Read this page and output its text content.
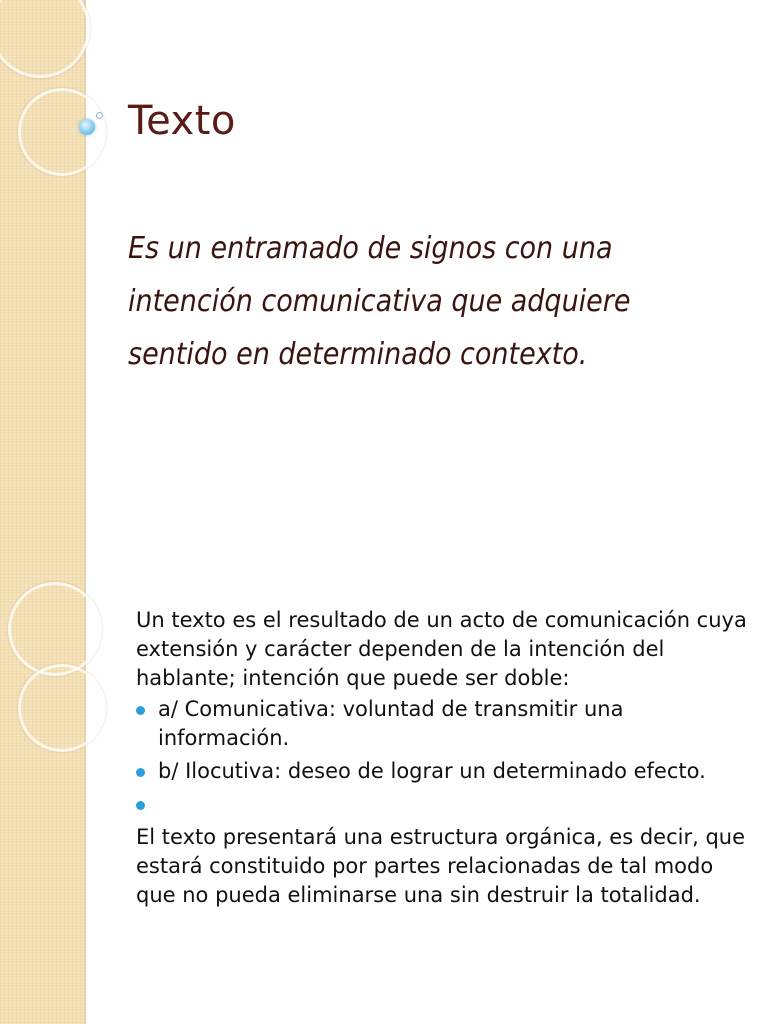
Texto

Es un entramado de signos con una intención comunicativa que adquiere sentido en determinado contexto.

Un texto es el resultado de un acto de comunicación cuya extensión y carácter dependen de la intención del hablante; intención que puede ser doble:

a/ Comunicativa: voluntad de transmitir una información.
b/ Ilocutiva: deseo de lograr un determinado efecto.

El texto presentará una estructura orgánica, es decir, que estará constituido por partes relacionadas de tal modo que no pueda eliminarse una sin destruir la totalidad.
